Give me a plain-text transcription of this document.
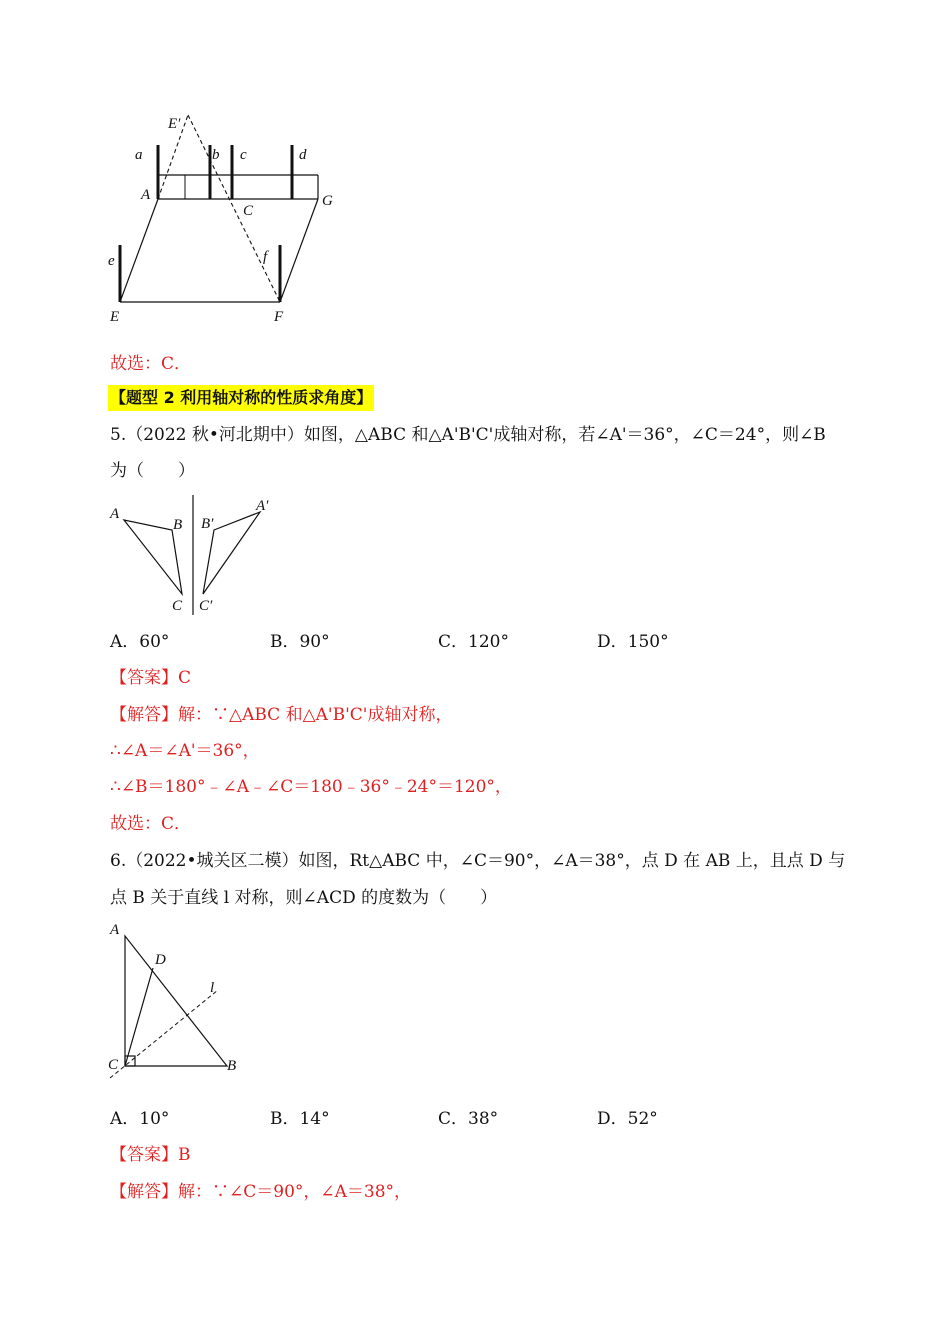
E′
a	b c	d
A
C
G
e	f
E	F
故选：C．
【题型 2 利用轴对称的性质求角度】
5.（2022 秋•河北期中）如图，△ABC 和△A'B'C'成轴对称，若∠A'＝36°，∠C＝24°，则∠B
为（　　）
A
B
C
B′
A′
C′
A．60°	B．90°	C．120°	D．150°
【答案】C
【解答】解：∵△ABC 和△A'B'C'成轴对称，
∴∠A＝∠A'＝36°，
∴∠B＝180°﹣∠A﹣∠C＝180﹣36°﹣24°＝120°，
故选：C．
6.（2022•城关区二模）如图，Rt△ABC 中，∠C＝90°，∠A＝38°，点 D 在 AB 上，且点 D 与
点 B 关于直线 l 对称，则∠ACD 的度数为（　　）
A
D
l
C	B
A．10°	B．14°	C．38°	D．52°
【答案】B
【解答】解：∵∠C＝90°，∠A＝38°，
